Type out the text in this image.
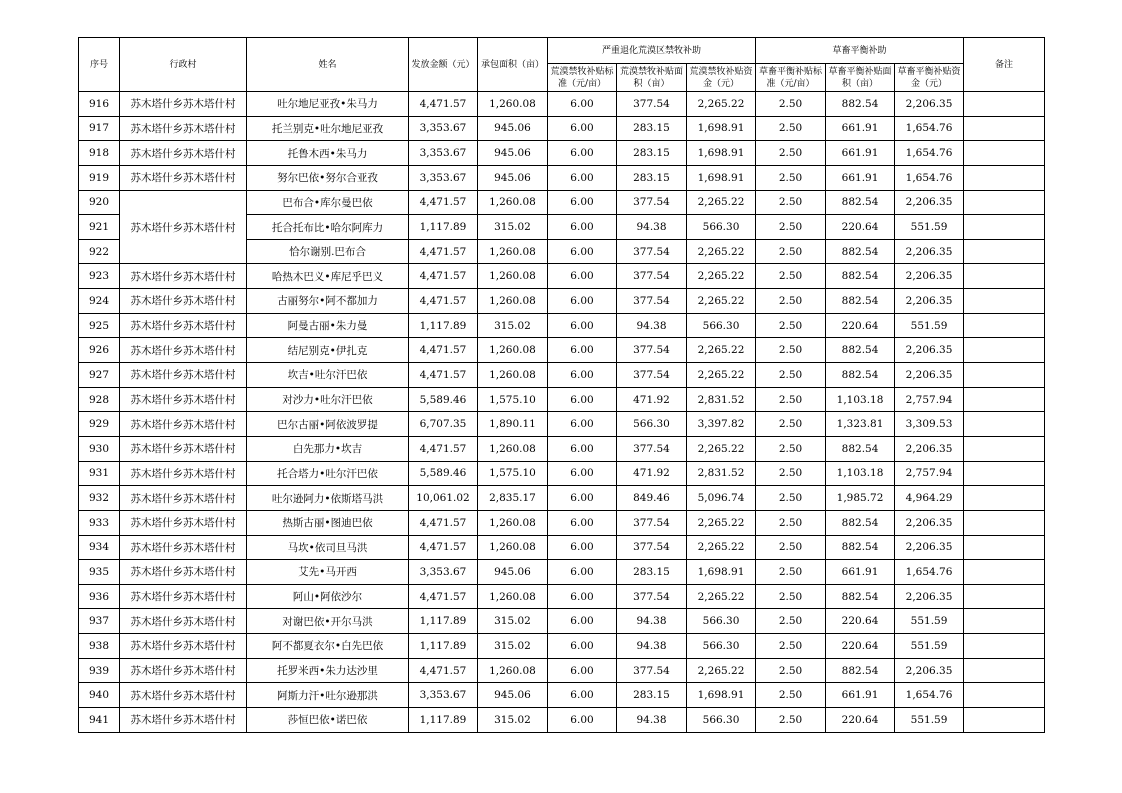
序号	行政村	姓名	发放金额（元）	承包面积（亩）	严重退化荒漠区禁牧补助			草畜平衡补助			备注
					荒漠禁牧补贴标准（元/亩）	荒漠禁牧补贴面积（亩）	荒漠禁牧补贴资金（元）	草畜平衡补贴标准（元/亩）	草畜平衡补贴面积（亩）	草畜平衡补贴资金（元）	
916	苏木塔什乡苏木塔什村	吐尔地尼亚孜•朱马力	4,471.57	1,260.08	6.00	377.54	2,265.22	2.50	882.54	2,206.35	
917	苏木塔什乡苏木塔什村	托兰别克•吐尔地尼亚孜	3,353.67	945.06	6.00	283.15	1,698.91	2.50	661.91	1,654.76	
918	苏木塔什乡苏木塔什村	托鲁木西•朱马力	3,353.67	945.06	6.00	283.15	1,698.91	2.50	661.91	1,654.76	
919	苏木塔什乡苏木塔什村	努尔巴依•努尔合亚孜	3,353.67	945.06	6.00	283.15	1,698.91	2.50	661.91	1,654.76	
920	苏木塔什乡苏木塔什村	巴布合•库尔曼巴依	4,471.57	1,260.08	6.00	377.54	2,265.22	2.50	882.54	2,206.35	
921		托合托布比•哈尔阿库力	1,117.89	315.02	6.00	94.38	566.30	2.50	220.64	551.59	
922		恰尔谢别.巴布合	4,471.57	1,260.08	6.00	377.54	2,265.22	2.50	882.54	2,206.35	
923	苏木塔什乡苏木塔什村	哈热木巴义•库尼乎巴义	4,471.57	1,260.08	6.00	377.54	2,265.22	2.50	882.54	2,206.35	
924	苏木塔什乡苏木塔什村	古丽努尔•阿不都加力	4,471.57	1,260.08	6.00	377.54	2,265.22	2.50	882.54	2,206.35	
925	苏木塔什乡苏木塔什村	阿曼古丽•朱力曼	1,117.89	315.02	6.00	94.38	566.30	2.50	220.64	551.59	
926	苏木塔什乡苏木塔什村	结尼别克•伊扎克	4,471.57	1,260.08	6.00	377.54	2,265.22	2.50	882.54	2,206.35	
927	苏木塔什乡苏木塔什村	坎吉•吐尔汗巴依	4,471.57	1,260.08	6.00	377.54	2,265.22	2.50	882.54	2,206.35	
928	苏木塔什乡苏木塔什村	对沙力•吐尔汗巴依	5,589.46	1,575.10	6.00	471.92	2,831.52	2.50	1,103.18	2,757.94	
929	苏木塔什乡苏木塔什村	巴尔古丽•阿依波罗提	6,707.35	1,890.11	6.00	566.30	3,397.82	2.50	1,323.81	3,309.53	
930	苏木塔什乡苏木塔什村	白先那力•坎吉	4,471.57	1,260.08	6.00	377.54	2,265.22	2.50	882.54	2,206.35	
931	苏木塔什乡苏木塔什村	托合塔力•吐尔汗巴依	5,589.46	1,575.10	6.00	471.92	2,831.52	2.50	1,103.18	2,757.94	
932	苏木塔什乡苏木塔什村	吐尔逊阿力•依斯塔马洪	10,061.02	2,835.17	6.00	849.46	5,096.74	2.50	1,985.72	4,964.29	
933	苏木塔什乡苏木塔什村	热斯古丽•图迪巴依	4,471.57	1,260.08	6.00	377.54	2,265.22	2.50	882.54	2,206.35	
934	苏木塔什乡苏木塔什村	马坎•依司旦马洪	4,471.57	1,260.08	6.00	377.54	2,265.22	2.50	882.54	2,206.35	
935	苏木塔什乡苏木塔什村	艾先•马开西	3,353.67	945.06	6.00	283.15	1,698.91	2.50	661.91	1,654.76	
936	苏木塔什乡苏木塔什村	阿山•阿依沙尔	4,471.57	1,260.08	6.00	377.54	2,265.22	2.50	882.54	2,206.35	
937	苏木塔什乡苏木塔什村	对谢巴依•开尔马洪	1,117.89	315.02	6.00	94.38	566.30	2.50	220.64	551.59	
938	苏木塔什乡苏木塔什村	阿不都夏衣尔•白先巴依	1,117.89	315.02	6.00	94.38	566.30	2.50	220.64	551.59	
939	苏木塔什乡苏木塔什村	托罗米西•朱力达沙里	4,471.57	1,260.08	6.00	377.54	2,265.22	2.50	882.54	2,206.35	
940	苏木塔什乡苏木塔什村	阿斯力汗•吐尔逊那洪	3,353.67	945.06	6.00	283.15	1,698.91	2.50	661.91	1,654.76	
941	苏木塔什乡苏木塔什村	莎恒巴依•诺巴依	1,117.89	315.02	6.00	94.38	566.30	2.50	220.64	551.59	
